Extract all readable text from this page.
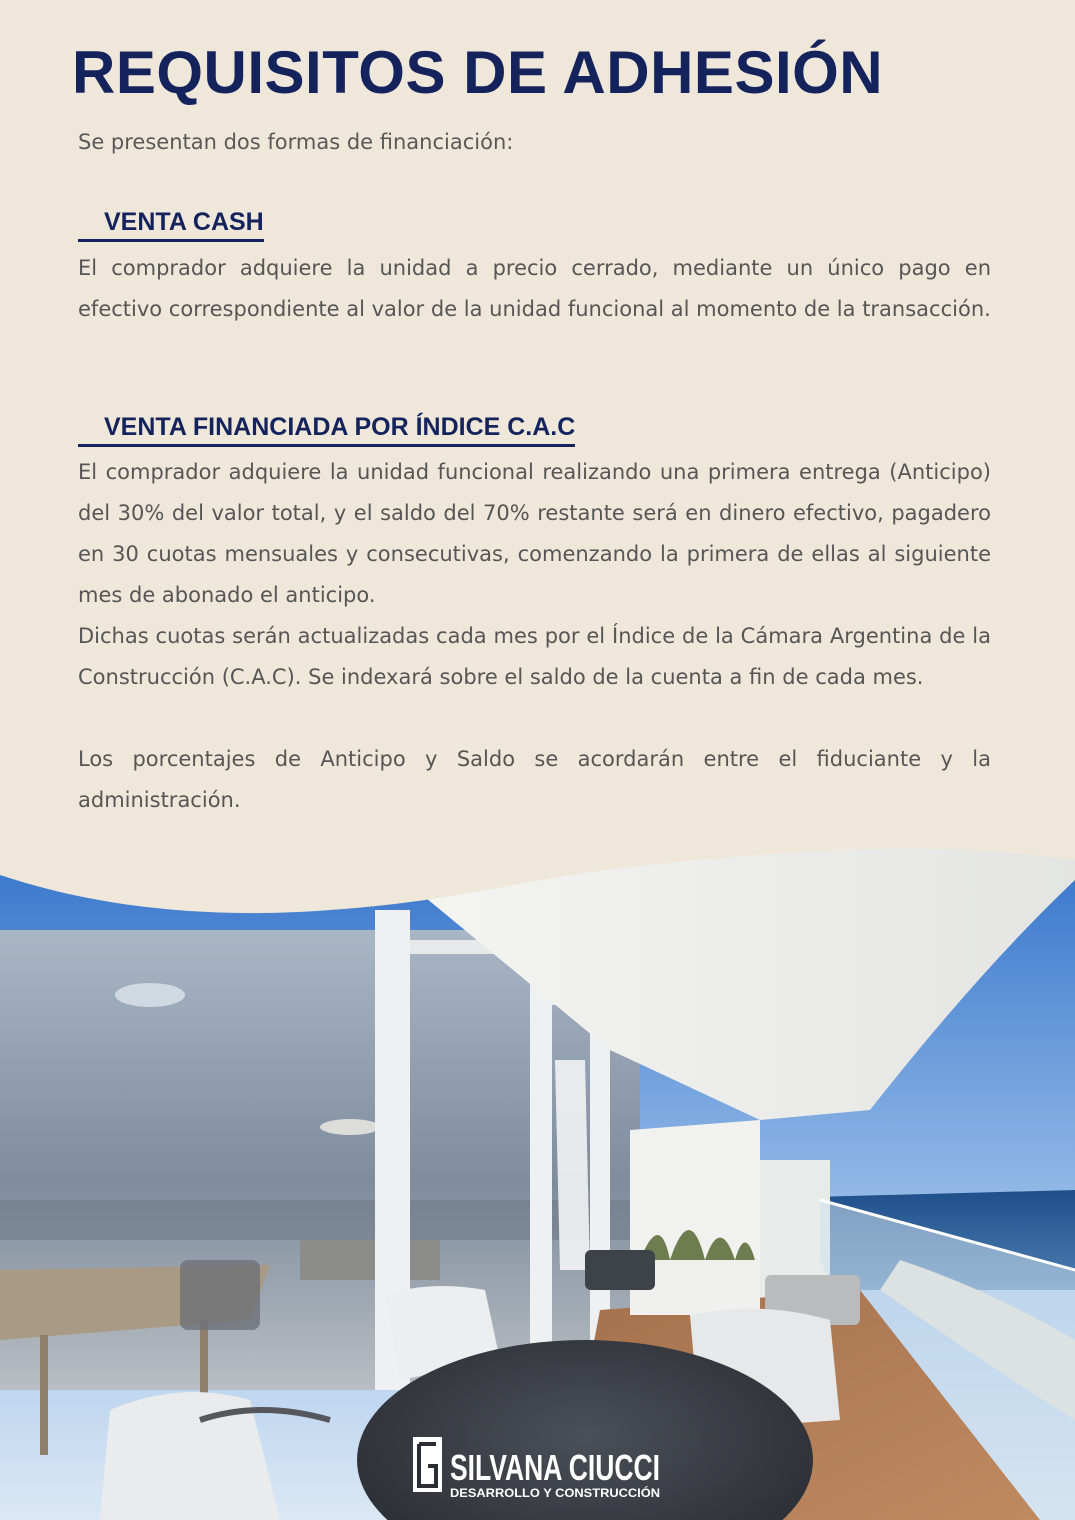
REQUISITOS DE ADHESIÓN

Se presentan dos formas de financiación:

VENTA CASH

El comprador adquiere la unidad a precio cerrado, mediante un único pago en efectivo correspondiente al valor de la unidad funcional al momento de la transacción.

VENTA FINANCIADA POR ÍNDICE C.A.C

El comprador adquiere la unidad funcional realizando una primera entrega (Anticipo) del 30% del valor total, y el saldo del 70% restante será en dinero efectivo, pagadero en 30 cuotas mensuales y consecutivas, comenzando la primera de ellas al siguiente mes de abonado el anticipo.

Dichas cuotas serán actualizadas cada mes por el Índice de la Cámara Argentina de la Construcción (C.A.C). Se indexará sobre el saldo de la cuenta a fin de cada mes.

Los porcentajes de Anticipo y Saldo se acordarán entre el fiduciante y la administración.

SILVANA CIUCCI
DESARROLLO Y CONSTRUCCIÓN
